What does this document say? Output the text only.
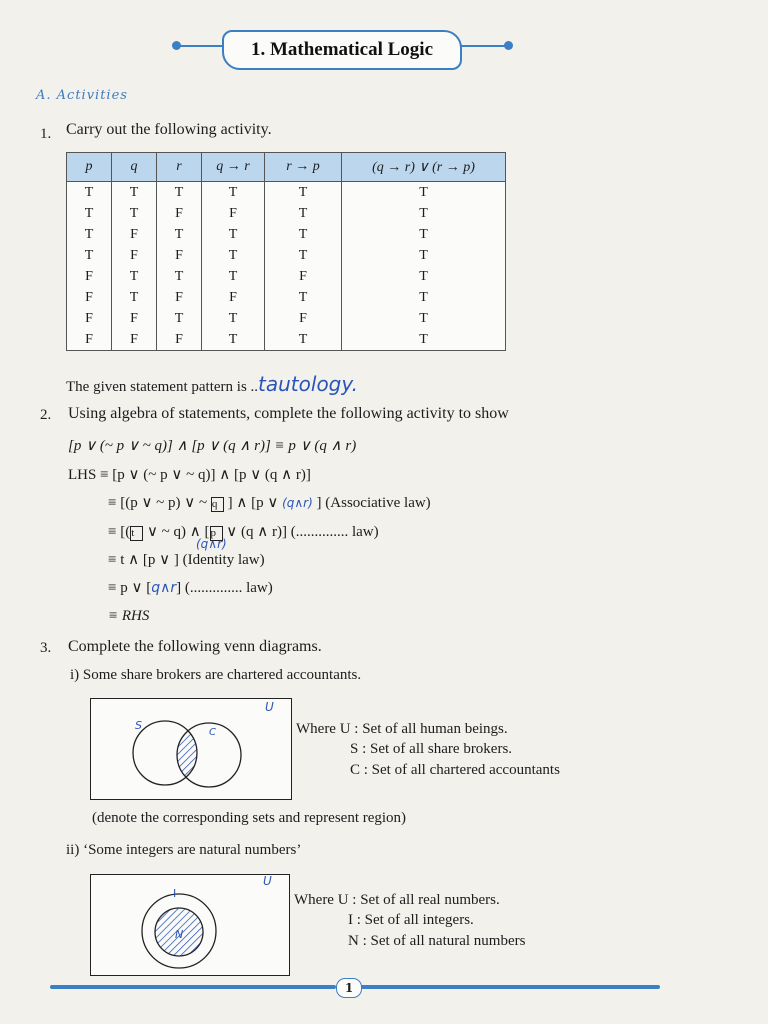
1. Mathematical Logic
A. Activities
1. Carry out the following activity.
p	q	r	q → r	r → p	(q → r) ∨ (r → p)
T	T	T	T	T	T
T	T	F	F	T	T
T	F	T	T	T	T
T	F	F	T	T	T
F	T	T	T	F	T
F	T	F	F	T	T
F	F	T	T	F	T
F	F	F	T	T	T
The given statement pattern is ..tautology.
2. Using algebra of statements, complete the following activity to show
[p ∨ (~ p ∨ ~ q)] ∧ [p ∨ (q ∧ r)] ≡ p ∨ (q ∧ r)
LHS ≡ [p ∨ (~ p ∨ ~ q)] ∧ [p ∨ (q ∧ r)]
≡ [(p ∨ ~ p) ∨ ~ q ] ∧ [p ∨ (q∧r) ] (Associative law)
≡ [(t ∨ ~ q) ∧ [p ∨ (q ∧ r)] (.............. law)
(q∧r)
≡ t ∧ [p ∨ ] (Identity law)
≡ p ∨ [q∧r] (.............. law)
≡ RHS
3. Complete the following venn diagrams.
i) Some share brokers are chartered accountants.
U
S
C	Where U : Set of all human beings.
S : Set of all share brokers.
C : Set of all chartered accountants
(denote the corresponding sets and represent region)
ii) ‘Some integers are natural numbers’
U
I
N
Where U : Set of all real numbers.
I : Set of all integers.
N : Set of all natural numbers
1
